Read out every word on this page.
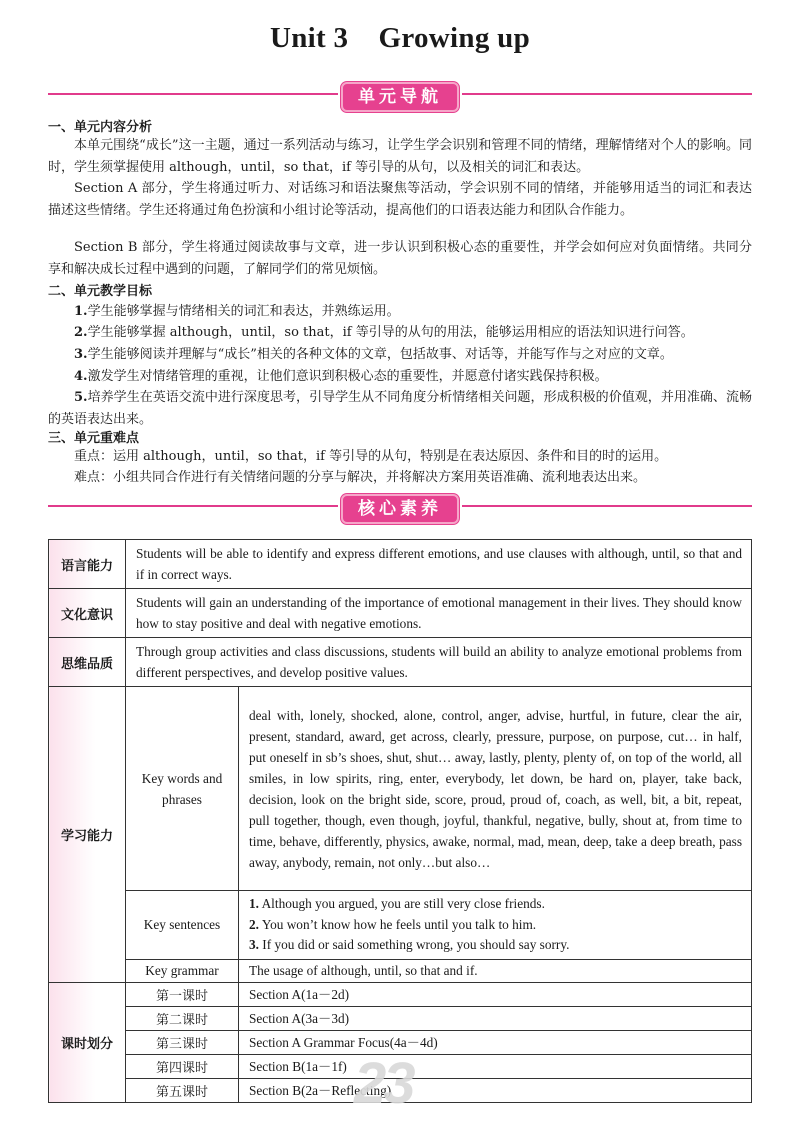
Unit 3    Growing up
单元导航
一、单元内容分析
本单元围绕“成长”这一主题，通过一系列活动与练习，让学生学会识别和管理不同的情绪，理解情绪对个人的影响。同时，学生须掌握使用 although，until，so that，if 等引导的从句，以及相关的词汇和表达。
Section A 部分，学生将通过听力、对话练习和语法聚焦等活动，学会识别不同的情绪，并能够用适当的词汇和表达描述这些情绪。学生还将通过角色扮演和小组讨论等活动，提高他们的口语表达能力和团队合作能力。
Section B 部分，学生将通过阅读故事与文章，进一步认识到积极心态的重要性，并学会如何应对负面情绪。共同分享和解决成长过程中遇到的问题，了解同学们的常见烦恼。
二、单元教学目标
1.学生能够掌握与情绪相关的词汇和表达，并熟练运用。
2.学生能够掌握 although，until，so that，if 等引导的从句的用法，能够运用相应的语法知识进行问答。
3.学生能够阅读并理解与“成长”相关的各种文体的文章，包括故事、对话等，并能写作与之对应的文章。
4.激发学生对情绪管理的重视，让他们意识到积极心态的重要性，并愿意付诸实践保持积极。
5.培养学生在英语交流中进行深度思考，引导学生从不同角度分析情绪相关问题，形成积极的价值观，并用准确、流畅的英语表达出来。
三、单元重难点
重点：运用 although，until，so that，if 等引导的从句，特别是在表达原因、条件和目的时的运用。
难点：小组共同合作进行有关情绪问题的分享与解决，并将解决方案用英语准确、流利地表达出来。
核心素养
语言能力	Students will be able to identify and express different emotions, and use clauses with although, until, so that and if in correct ways.	
文化意识	Students will gain an understanding of the importance of emotional management in their lives. They should know how to stay positive and deal with negative emotions.	
思维品质	Through group activities and class discussions, students will build an ability to analyze emotional problems from different perspectives, and develop positive values.	
学习能力	Key words and phrases	deal with, lonely, shocked, alone, control, anger, advise, hurtful, in future, clear the air, present, standard, award, get across, clearly, pressure, purpose, on purpose, cut… in half, put oneself in sb’s shoes, shut, shut… away, lastly, plenty, plenty of, on top of the world, all smiles, in low spirits, ring, enter, everybody, let down, be hard on, player, take back, decision, look on the bright side, score, proud, proud of, coach, as well, bit, a bit, repeat, pull together, though, even though, joyful, thankful, negative, bully, shout at, from time to time, behave, differently, physics, awake, normal, mad, mean, deep, take a deep breath, pass away, anybody, remain, not only…but also…
	Key sentences	1. Although you argued, you are still very close friends.
2. You won’t know how he feels until you talk to him.
3. If you did or said something wrong, you should say sorry.

	Key grammar	The usage of although, until, so that and if.
课时划分	第一课时	Section A(1a－2d)
	第二课时	Section A(3a－3d)
	第三课时	Section A Grammar Focus(4a－4d)
	第四课时	Section B(1a－1f)
	第五课时	Section B(2a－Reflecting)
23
